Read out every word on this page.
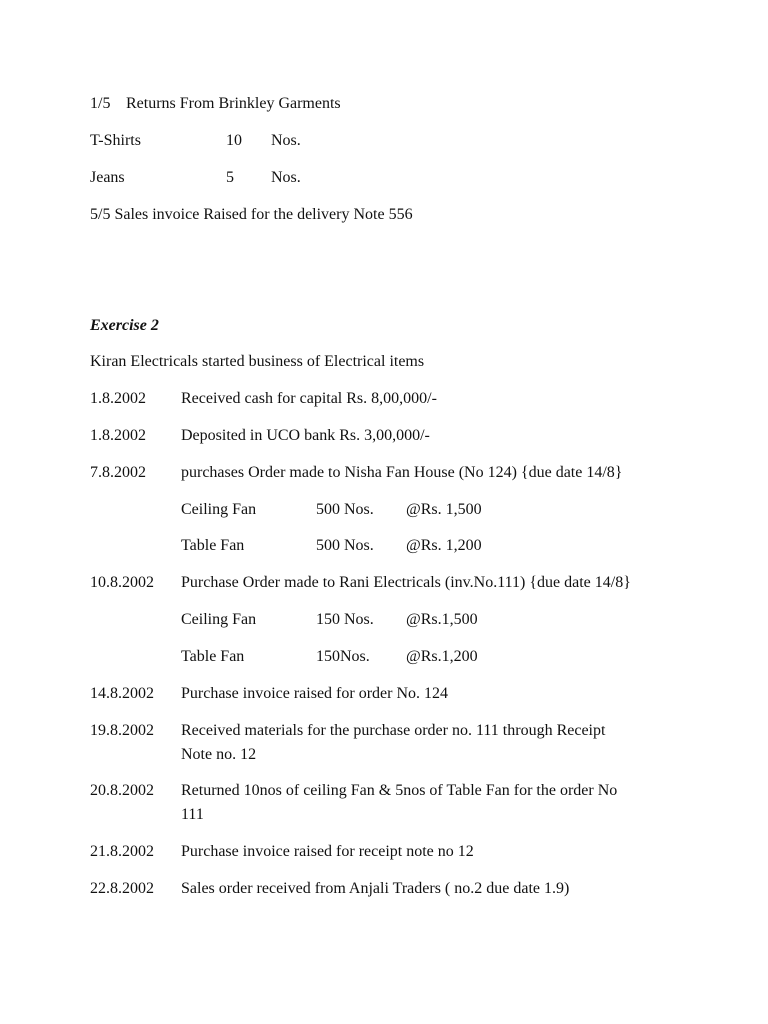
1/5 Returns From Brinkley Garments
T-Shirts	10 Nos.
Jeans	5 Nos.
5/5 Sales invoice Raised for the delivery Note 556
Exercise 2
Kiran Electricals started business of Electrical items
1.8.2002 Received cash for capital Rs. 8,00,000/-
1.8.2002 Deposited in UCO bank Rs. 3,00,000/-
7.8.2002 purchases Order made to Nisha Fan House (No 124) {due date 14/8}
Ceiling Fan	500 Nos. @Rs. 1,500
Table Fan	500 Nos. @Rs. 1,200
10.8.2002 Purchase Order made to Rani Electricals (inv.No.111) {due date 14/8}
Ceiling Fan	150 Nos. @Rs.1,500
Table Fan	150Nos. @Rs.1,200
14.8.2002 Purchase invoice raised for order No. 124
19.8.2002 Received materials for the purchase order no. 111 through Receipt
Note no. 12
20.8.2002 Returned 10nos of ceiling Fan & 5nos of Table Fan for the order No
111
21.8.2002 Purchase invoice raised for receipt note no 12
22.8.2002 Sales order received from Anjali Traders ( no.2 due date 1.9)
